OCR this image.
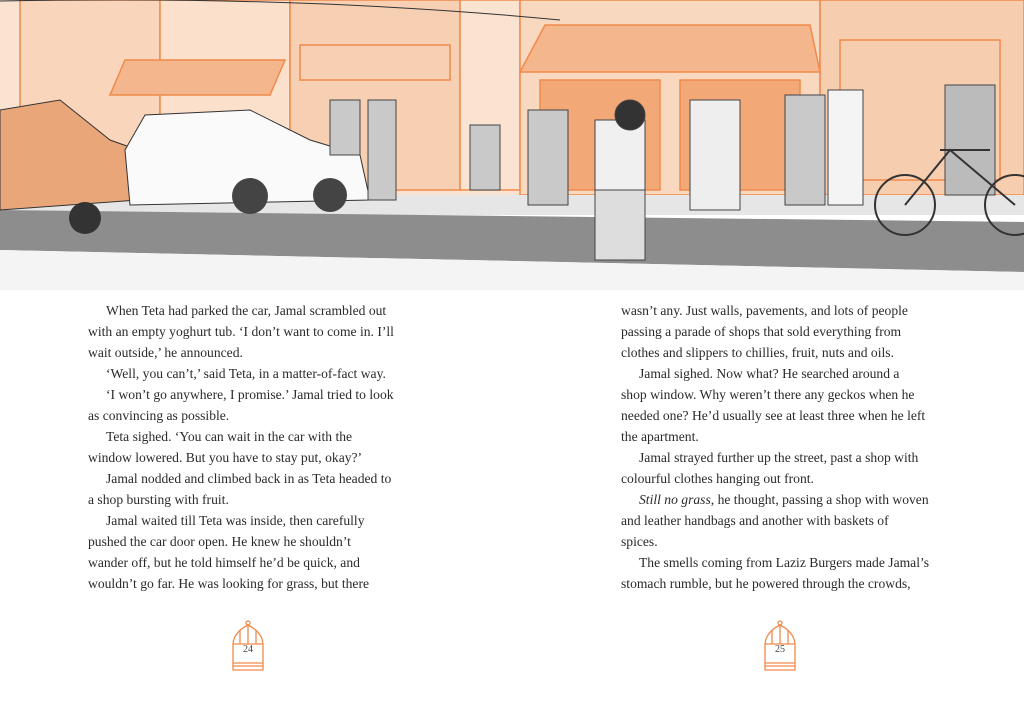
When Teta had parked the car, Jamal scrambled out
with an empty yoghurt tub. ‘I don’t want to come in. I’ll
wait outside,’ he announced.
‘Well, you can’t,’ said Teta, in a matter-of-fact way.
‘I won’t go anywhere, I promise.’ Jamal tried to look
as convincing as possible.
Teta sighed. ‘You can wait in the car with the
window lowered. But you have to stay put, okay?’
Jamal nodded and climbed back in as Teta headed to
a shop bursting with fruit.
Jamal waited till Teta was inside, then carefully
pushed the car door open. He knew he shouldn’t
wander off, but he told himself he’d be quick, and
wouldn’t go far. He was looking for grass, but there
wasn’t any. Just walls, pavements, and lots of people
passing a parade of shops that sold everything from
clothes and slippers to chillies, fruit, nuts and oils.
Jamal sighed. Now what? He searched around a
shop window. Why weren’t there any geckos when he
needed one? He’d usually see at least three when he left
the apartment.
Jamal strayed further up the street, past a shop with
colourful clothes hanging out front.
Still no grass, he thought, passing a shop with woven
and leather handbags and another with baskets of
spices.
The smells coming from Laziz Burgers made Jamal’s
stomach rumble, but he powered through the crowds,
24	25
